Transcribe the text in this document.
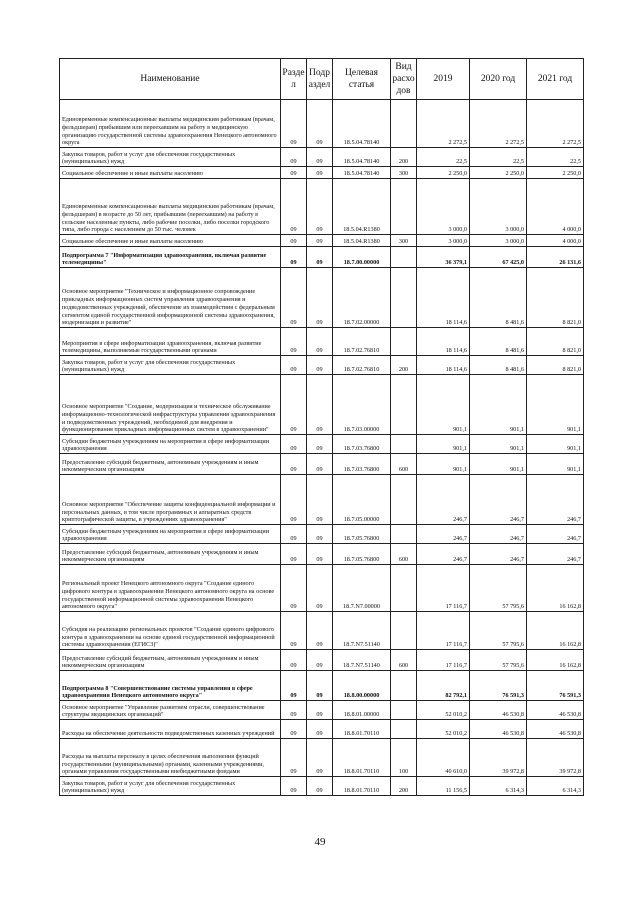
Наименование	Разде л	Подр аздел	Целевая статья	Вид расхо дов	2019	2020 год	2021 год
Единовременные компенсационные выплаты медицинским работникам (врачам, фельдшерам) прибывшим или переехавшим на работу в медицинскую организацию государственной системы здравоохранения Ненецкого автономного округа	09	09	18.5.04.78140		2 272,5	2 272,5	2 272,5
Закупка товаров, работ и услуг для обеспечения государственных (муниципальных) нужд	09	09	18.5.04.78140	200	22,5	22,5	22,5
Социальное обеспечение и иные выплаты населению	09	09	18.5.04.78140	300	2 250,0	2 250,0	2 250,0
Единовременные компенсационные выплаты медицинским работникам (врачам, фельдшерам) в возрасте до 50 лет, прибывшим (переехавшим) на работу в сельские населенные пункты, либо рабочие поселки, либо поселки городского типа, либо города с населением до 50 тыс. человек	09	09	18.5.04.R1380		3 000,0	3 000,0	4 000,0
Социальное обеспечение и иные выплаты населению	09	09	18.5.04.R1380	300	3 000,0	3 000,0	4 000,0
Подпрограмма 7 "Информатизация здравоохранения, включая развитие телемедицины"	09	09	18.7.00.00000		36 379,1	67 425,0	26 131,6
Основное мероприятие "Техническое и информационное сопровождение прикладных информационных систем управления здравоохранения и подведомственных учреждений, обеспечение их взаимодействия с федеральным сегментом единой государственной информационной системы здравоохранения, модернизация и развитие"	09	09	18.7.02.00000		18 114,6	8 481,6	8 821,0
Мероприятия в сфере информатизации здравоохранения, включая развитие телемедицины, выполняемые государственными органами	09	09	18.7.02.76810		18 114,6	8 481,6	8 821,0
Закупка товаров, работ и услуг для обеспечения государственных (муниципальных) нужд	09	09	18.7.02.76810	200	18 114,6	8 481,6	8 821,0
Основное мероприятие "Создание, модернизация и техническое обслуживание информационно-технологической инфраструктуры управления здравоохранения и подведомственных учреждений, необходимой для внедрения и функционирования прикладных информационных систем в здравоохранении"	09	09	18.7.03.00000		901,1	901,1	901,1
Субсидии бюджетным учреждениям на мероприятия в сфере информатизации здравоохранения	09	09	18.7.03.76800		901,1	901,1	901,1
Предоставление субсидий бюджетным, автономным учреждениям и иным некоммерческим организациям	09	09	18.7.03.76800	600	901,1	901,1	901,1
Основное мероприятие "Обеспечение защиты конфиденциальной информации и персональных данных, в том числе программных и аппаратных средств криптографической защиты, в учреждениях здравоохранения"	09	09	18.7.05.00000		246,7	246,7	246,7
Субсидии бюджетным учреждениям на мероприятия в сфере информатизации здравоохранения	09	09	18.7.05.76800		246,7	246,7	246,7
Предоставление субсидий бюджетным, автономным учреждениям и иным некоммерческим организациям	09	09	18.7.05.76800	600	246,7	246,7	246,7
Региональный проект Ненецкого автономного округа "Создание единого цифрового контура в здравоохранении Ненецкого автономного округа на основе государственной информационной системы здравоохранения Ненецкого автономного округа"	09	09	18.7.N7.00000		17 116,7	57 795,6	16 162,8
Субсидия на реализацию региональных проектов "Создание единого цифрового контура в здравоохранении на основе единой государственной информационной системы здравоохранения (ЕГИСЗ)"	09	09	18.7.N7.51140		17 116,7	57 795,6	16 162,8
Предоставление субсидий бюджетным, автономным учреждениям и иным некоммерческим организациям	09	09	18.7.N7.51140	600	17 116,7	57 795,6	16 162,8
Подпрограмма 8 "Совершенствование системы управления в сфере здравоохранения Ненецкого автономного округа"	09	09	18.8.00.00000		82 792,1	76 591,3	76 591,3
Основное мероприятие "Управление развитием отрасли, совершенствование структуры медицинских организаций"	09	09	18.8.01.00000		52 010,2	46 530,8	46 530,8
Расходы на обеспечение деятельности подведомственных казенных учреждений	09	09	18.8.01.70110		52 010,2	46 530,8	46 530,8
Расходы на выплаты персоналу в целях обеспечения выполнения функций государственными (муниципальными) органами, казенными учреждениями, органами управления государственными внебюджетными фондами	09	09	18.8.01.70110	100	40 610,0	39 972,8	39 972,8
Закупка товаров, работ и услуг для обеспечения государственных (муниципальных) нужд	09	09	18.8.01.70110	200	11 156,5	6 314,3	6 314,3
49
